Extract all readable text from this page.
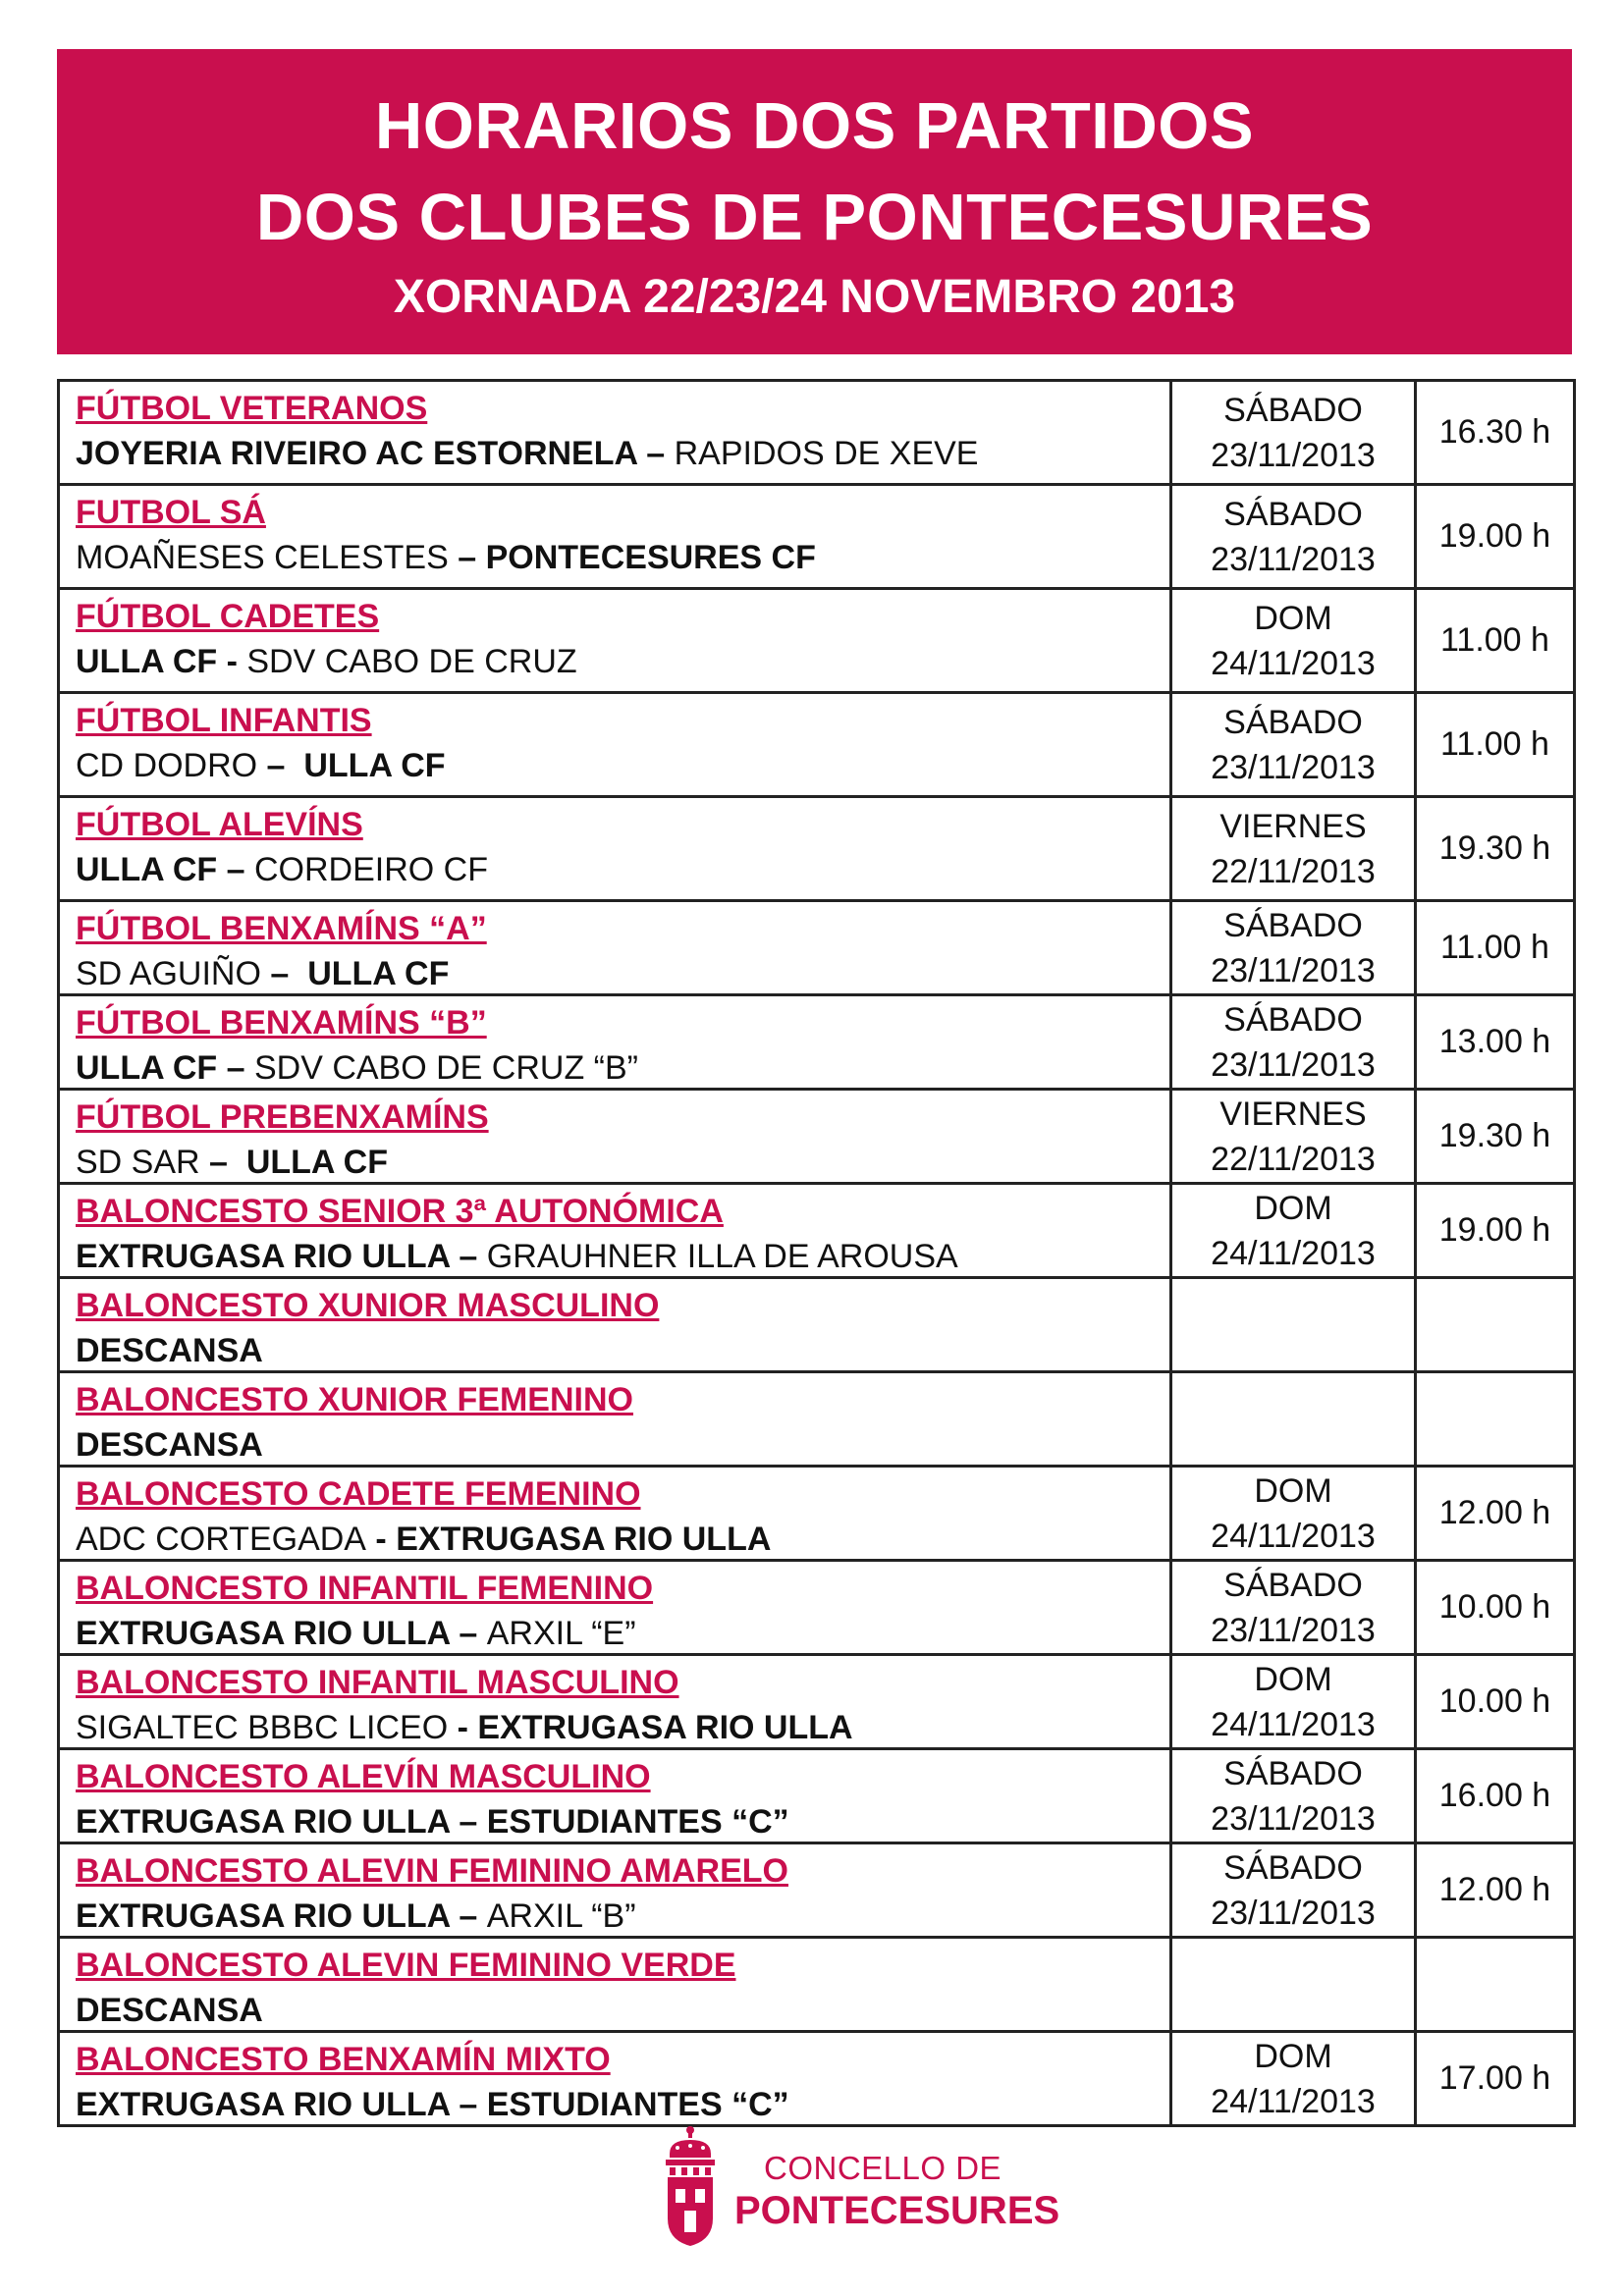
HORARIOS DOS PARTIDOS
DOS CLUBES DE PONTECESURES
XORNADA 22/23/24 NOVEMBRO 2013
FÚTBOL VETERANOS
JOYERIA RIVEIRO AC ESTORNELA – RAPIDOS DE XEVE
SÁBADO
23/11/2013
16.30 h
FUTBOL SÁ
MOAÑESES CELESTES – PONTECESURES CF
SÁBADO
23/11/2013
19.00 h
FÚTBOL CADETES
ULLA CF - SDV CABO DE CRUZ
DOM
24/11/2013
11.00 h
FÚTBOL INFANTIS
CD DODRO –  ULLA CF
SÁBADO
23/11/2013
11.00 h
FÚTBOL ALEVÍNS
ULLA CF – CORDEIRO CF
VIERNES
22/11/2013
19.30 h
FÚTBOL BENXAMÍNS “A”
SD AGUIÑO –  ULLA CF
SÁBADO
23/11/2013
11.00 h
FÚTBOL BENXAMÍNS “B”
ULLA CF – SDV CABO DE CRUZ “B”
SÁBADO
23/11/2013
13.00 h
FÚTBOL PREBENXAMÍNS
SD SAR –  ULLA CF
VIERNES
22/11/2013
19.30 h
BALONCESTO SENIOR 3ª AUTONÓMICA
EXTRUGASA RIO ULLA – GRAUHNER ILLA DE AROUSA
DOM
24/11/2013
19.00 h
BALONCESTO XUNIOR MASCULINO
DESCANSA
BALONCESTO XUNIOR FEMENINO
DESCANSA
BALONCESTO CADETE FEMENINO
ADC CORTEGADA - EXTRUGASA RIO ULLA
DOM
24/11/2013
12.00 h
BALONCESTO INFANTIL FEMENINO
EXTRUGASA RIO ULLA – ARXIL “E”
SÁBADO
23/11/2013
10.00 h
BALONCESTO INFANTIL MASCULINO
SIGALTEC BBBC LICEO - EXTRUGASA RIO ULLA
DOM
24/11/2013
10.00 h
BALONCESTO ALEVÍN MASCULINO
EXTRUGASA RIO ULLA – ESTUDIANTES “C”
SÁBADO
23/11/2013
16.00 h
BALONCESTO ALEVIN FEMININO AMARELO
EXTRUGASA RIO ULLA – ARXIL “B”
SÁBADO
23/11/2013
12.00 h
BALONCESTO ALEVIN FEMININO VERDE
DESCANSA
BALONCESTO BENXAMÍN MIXTO
EXTRUGASA RIO ULLA – ESTUDIANTES “C”
DOM
24/11/2013
17.00 h
CONCELLO DE
PONTECESURES
